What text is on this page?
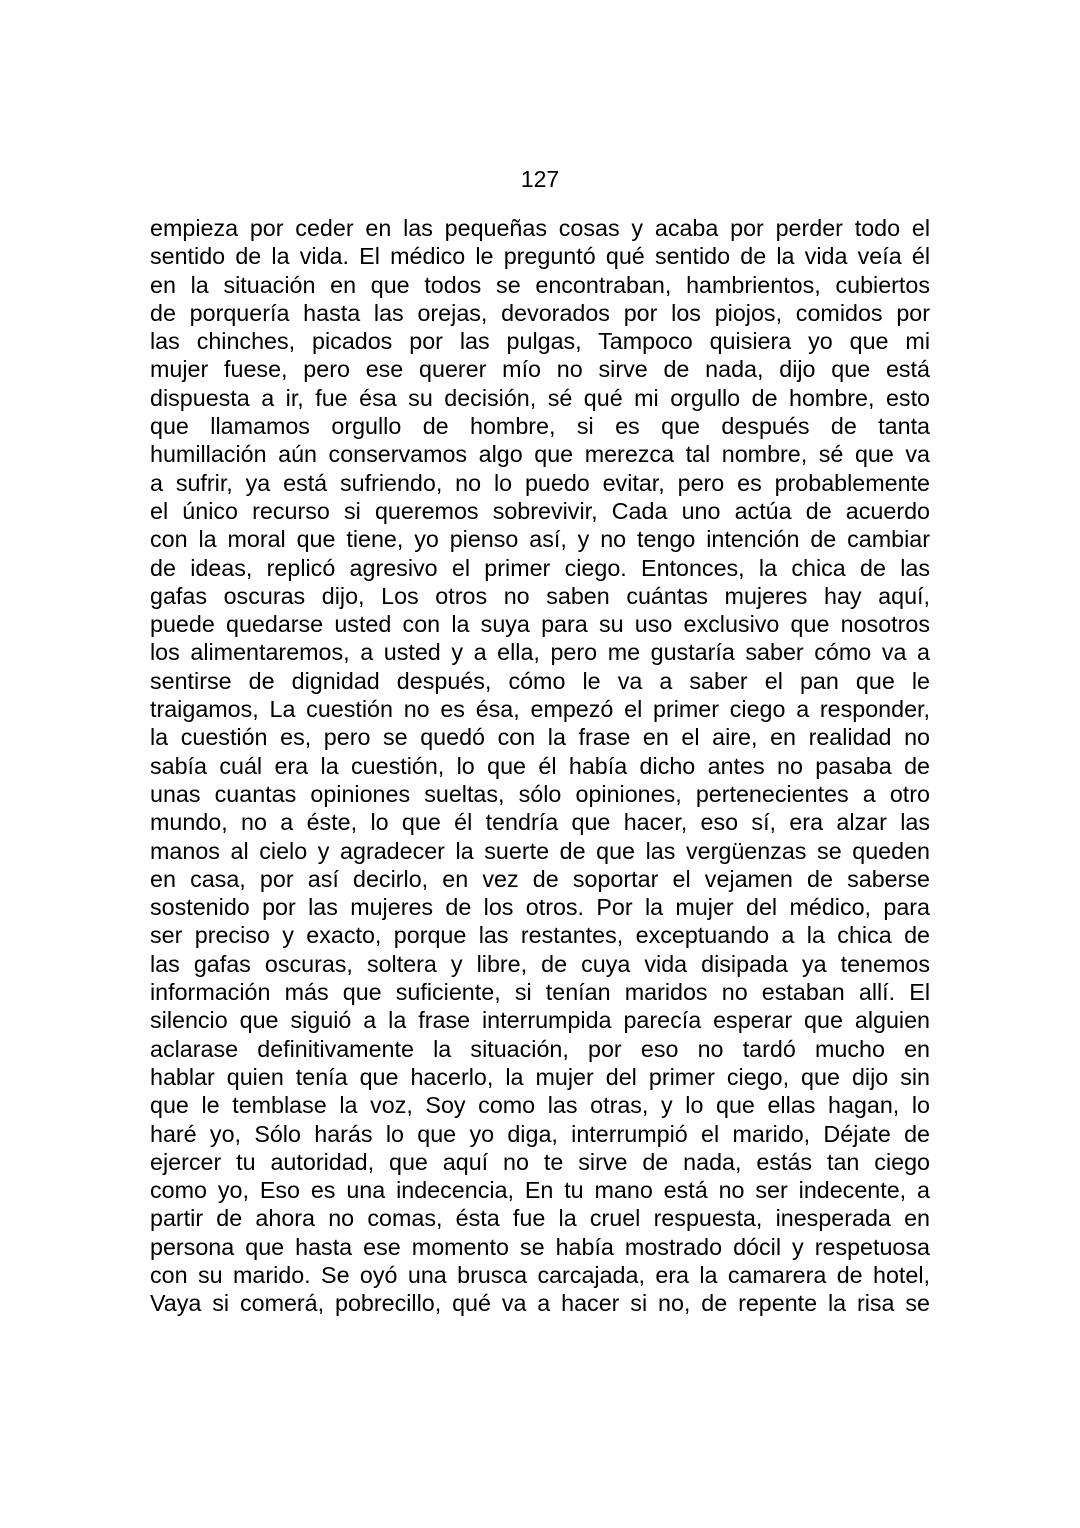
127
empieza por ceder en las pequeñas cosas y acaba por perder todo el
sentido de la vida. El médico le preguntó qué sentido de la vida veía él
en la situación en que todos se encontraban, hambrientos, cubiertos
de porquería hasta las orejas, devorados por los piojos, comidos por
las chinches, picados por las pulgas, Tampoco quisiera yo que mi
mujer fuese, pero ese querer mío no sirve de nada, dijo que está
dispuesta a ir, fue ésa su decisión, sé qué mi orgullo de hombre, esto
que llamamos orgullo de hombre, si es que después de tanta
humillación aún conservamos algo que merezca tal nombre, sé que va
a sufrir, ya está sufriendo, no lo puedo evitar, pero es probablemente
el único recurso si queremos sobrevivir, Cada uno actúa de acuerdo
con la moral que tiene, yo pienso así, y no tengo intención de cambiar
de ideas, replicó agresivo el primer ciego. Entonces, la chica de las
gafas oscuras dijo, Los otros no saben cuántas mujeres hay aquí,
puede quedarse usted con la suya para su uso exclusivo que nosotros
los alimentaremos, a usted y a ella, pero me gustaría saber cómo va a
sentirse de dignidad después, cómo le va a saber el pan que le
traigamos, La cuestión no es ésa, empezó el primer ciego a responder,
la cuestión es, pero se quedó con la frase en el aire, en realidad no
sabía cuál era la cuestión, lo que él había dicho antes no pasaba de
unas cuantas opiniones sueltas, sólo opiniones, pertenecientes a otro
mundo, no a éste, lo que él tendría que hacer, eso sí, era alzar las
manos al cielo y agradecer la suerte de que las vergüenzas se queden
en casa, por así decirlo, en vez de soportar el vejamen de saberse
sostenido por las mujeres de los otros. Por la mujer del médico, para
ser preciso y exacto, porque las restantes, exceptuando a la chica de
las gafas oscuras, soltera y libre, de cuya vida disipada ya tenemos
información más que suficiente, si tenían maridos no estaban allí. El
silencio que siguió a la frase interrumpida parecía esperar que alguien
aclarase definitivamente la situación, por eso no tardó mucho en
hablar quien tenía que hacerlo, la mujer del primer ciego, que dijo sin
que le temblase la voz, Soy como las otras, y lo que ellas hagan, lo
haré yo, Sólo harás lo que yo diga, interrumpió el marido, Déjate de
ejercer tu autoridad, que aquí no te sirve de nada, estás tan ciego
como yo, Eso es una indecencia, En tu mano está no ser indecente, a
partir de ahora no comas, ésta fue la cruel respuesta, inesperada en
persona que hasta ese momento se había mostrado dócil y respetuosa
con su marido. Se oyó una brusca carcajada, era la camarera de hotel,
Vaya si comerá, pobrecillo, qué va a hacer si no, de repente la risa se
